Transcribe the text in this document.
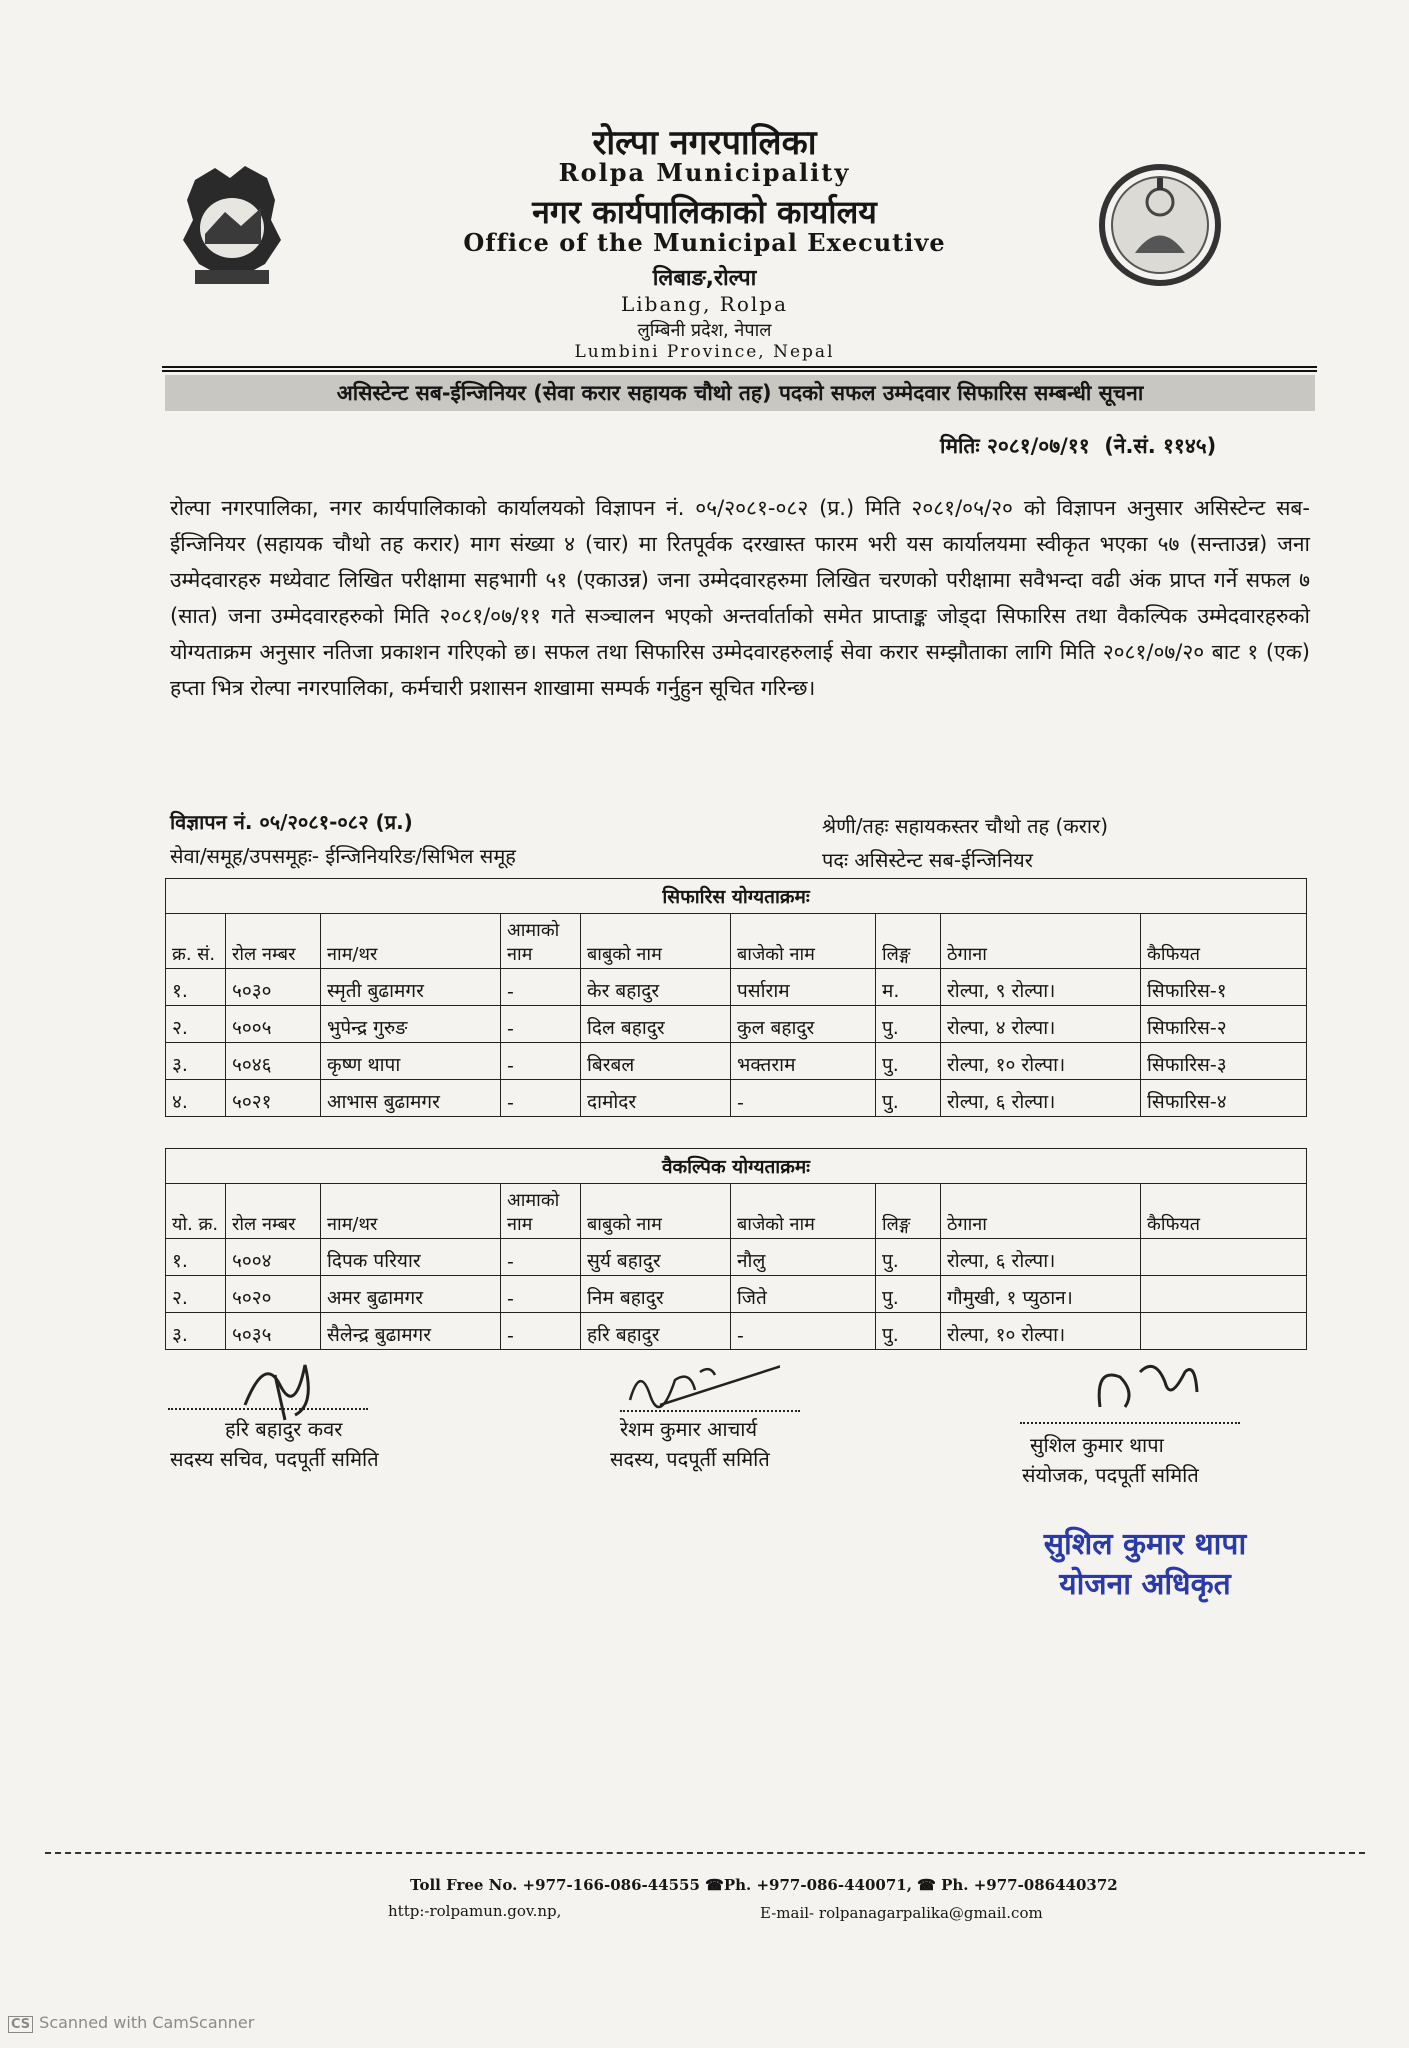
रोल्पा नगरपालिका
Rolpa Municipality
नगर कार्यपालिकाको कार्यालय
Office of the Municipal Executive
लिबाङ,रोल्पा
Libang, Rolpa
लुम्बिनी प्रदेश, नेपाल
Lumbini Province, Nepal
असिस्टेन्ट सब-ईन्जिनियर (सेवा करार सहायक चौथो तह) पदको सफल उम्मेदवार सिफारिस सम्बन्धी सूचना
मितिः २०८१/०७/११  (ने.सं. ११४५)

रोल्पा नगरपालिका, नगर कार्यपालिकाको कार्यालयको विज्ञापन नं. ०५/२०८१-०८२ (प्र.) मिति २०८१/०५/२० को विज्ञापन अनुसार असिस्टेन्ट सब-ईन्जिनियर (सहायक चौथो तह करार) माग संख्या ४ (चार) मा रितपूर्वक दरखास्त फारम भरी यस कार्यालयमा स्वीकृत भएका ५७ (सन्ताउन्न) जना उम्मेदवारहरु मध्येवाट लिखित परीक्षामा सहभागी ५१ (एकाउन्न) जना उम्मेदवारहरुमा लिखित चरणको परीक्षामा सवैभन्दा वढी अंक प्राप्त गर्ने सफल ७ (सात) जना उम्मेदवारहरुको मिति २०८१/०७/११ गते सञ्चालन भएको अन्तर्वार्ताको समेत प्राप्ताङ्क जोड्दा सिफारिस तथा वैकल्पिक उम्मेदवारहरुको योग्यताक्रम अनुसार नतिजा प्रकाशन गरिएको छ। सफल तथा सिफारिस उम्मेदवारहरुलाई सेवा करार सम्झौताका लागि मिति २०८१/०७/२० बाट १ (एक) हप्ता भित्र रोल्पा नगरपालिका, कर्मचारी प्रशासन शाखामा सम्पर्क गर्नुहुन सूचित गरिन्छ।

विज्ञापन नं. ०५/२०८१-०८२ (प्र.)
सेवा/समूह/उपसमूहः- ईन्जिनियरिङ/सिभिल समूह
श्रेणी/तहः सहायकस्तर चौथो तह (करार)
पदः असिस्टेन्ट सब-ईन्जिनियर
सिफारिस योग्यताक्रमः								
क्र. सं.	रोल नम्बर	नाम/थर	आमाको नाम	बाबुको नाम	बाजेको नाम	लिङ्ग	ठेगाना	कैफियत
१.	५०३०	स्मृती बुढामगर	-	केर बहादुर	पर्साराम	म.	रोल्पा, ९ रोल्पा।	सिफारिस-१
२.	५००५	भुपेन्द्र गुरुङ	-	दिल बहादुर	कुल बहादुर	पु.	रोल्पा, ४ रोल्पा।	सिफारिस-२
३.	५०४६	कृष्ण थापा	-	बिरबल	भक्तराम	पु.	रोल्पा, १० रोल्पा।	सिफारिस-३
४.	५०२१	आभास बुढामगर	-	दामोदर	-	पु.	रोल्पा, ६ रोल्पा।	सिफारिस-४
वैकल्पिक योग्यताक्रमः								
यो. क्र.	रोल नम्बर	नाम/थर	आमाको नाम	बाबुको नाम	बाजेको नाम	लिङ्ग	ठेगाना	कैफियत
१.	५००४	दिपक परियार	-	सुर्य बहादुर	नौलु	पु.	रोल्पा, ६ रोल्पा।	
२.	५०२०	अमर बुढामगर	-	निम बहादुर	जिते	पु.	गौमुखी, १ प्युठान।	
३.	५०३५	सैलेन्द्र बुढामगर	-	हरि बहादुर	-	पु.	रोल्पा, १० रोल्पा।	
हरि बहादुर कवर
सदस्य सचिव, पदपूर्ती समिति
रेशम कुमार आचार्य
सदस्य, पदपूर्ती समिति
सुशिल कुमार थापा
संयोजक, पदपूर्ती समिति
सुशिल कुमार थापा
योजना अधिकृत
Toll Free No. +977-166-086-44555 ☎Ph. +977-086-440071, ☎ Ph. +977-086440372
http:-rolpamun.gov.np,	E-mail- rolpanagarpalika@gmail.com
CS Scanned with CamScanner
